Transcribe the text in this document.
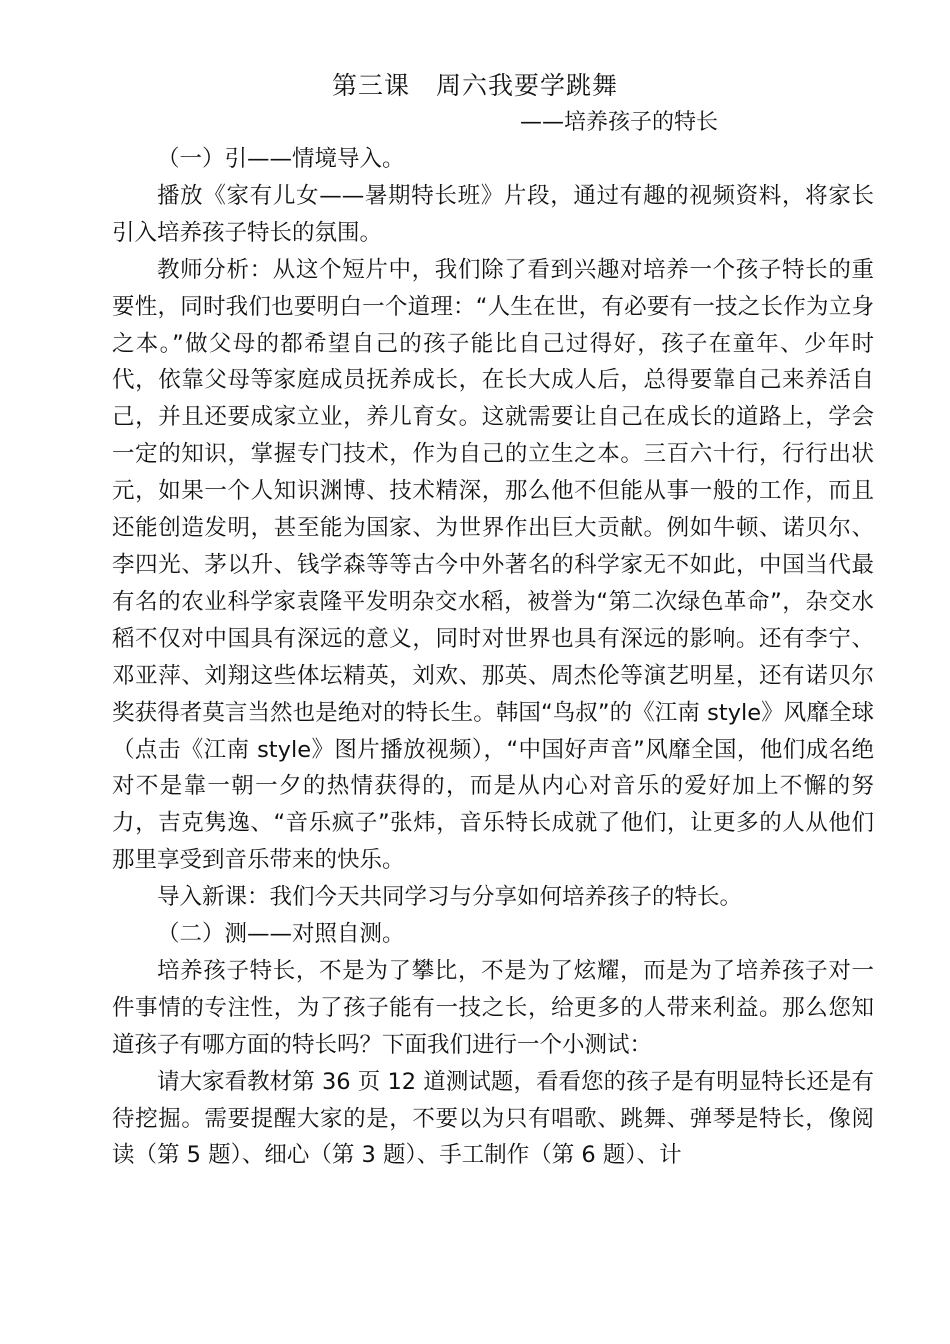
第三课　周六我要学跳舞
——培养孩子的特长

（一）引——情境导入。

播放《家有儿女——暑期特长班》片段，通过有趣的视频资料，将家长引入培养孩子特长的氛围。

教师分析：从这个短片中，我们除了看到兴趣对培养一个孩子特长的重要性，同时我们也要明白一个道理：“人生在世，有必要有一技之长作为立身之本。”做父母的都希望自己的孩子能比自己过得好，孩子在童年、少年时代，依靠父母等家庭成员抚养成长，在长大成人后，总得要靠自己来养活自己，并且还要成家立业，养儿育女。这就需要让自己在成长的道路上，学会一定的知识，掌握专门技术，作为自己的立生之本。三百六十行，行行出状元，如果一个人知识渊博、技术精深，那么他不但能从事一般的工作，而且还能创造发明，甚至能为国家、为世界作出巨大贡献。例如牛顿、诺贝尔、李四光、茅以升、钱学森等等古今中外著名的科学家无不如此，中国当代最有名的农业科学家袁隆平发明杂交水稻，被誉为“第二次绿色革命”，杂交水稻不仅对中国具有深远的意义，同时对世界也具有深远的影响。还有李宁、邓亚萍、刘翔这些体坛精英，刘欢、那英、周杰伦等演艺明星，还有诺贝尔奖获得者莫言当然也是绝对的特长生。韩国“鸟叔”的《江南 style》风靡全球（点击《江南 style》图片播放视频），“中国好声音”风靡全国，他们成名绝对不是靠一朝一夕的热情获得的，而是从内心对音乐的爱好加上不懈的努力，吉克隽逸、“音乐疯子”张炜，音乐特长成就了他们，让更多的人从他们那里享受到音乐带来的快乐。

导入新课：我们今天共同学习与分享如何培养孩子的特长。

（二）测——对照自测。

培养孩子特长，不是为了攀比，不是为了炫耀，而是为了培养孩子对一件事情的专注性，为了孩子能有一技之长，给更多的人带来利益。那么您知道孩子有哪方面的特长吗？下面我们进行一个小测试：

请大家看教材第 36 页 12 道测试题，看看您的孩子是有明显特长还是有待挖掘。需要提醒大家的是，不要以为只有唱歌、跳舞、弹琴是特长，像阅读（第 5 题）、细心（第 3 题）、手工制作（第 6 题）、计
